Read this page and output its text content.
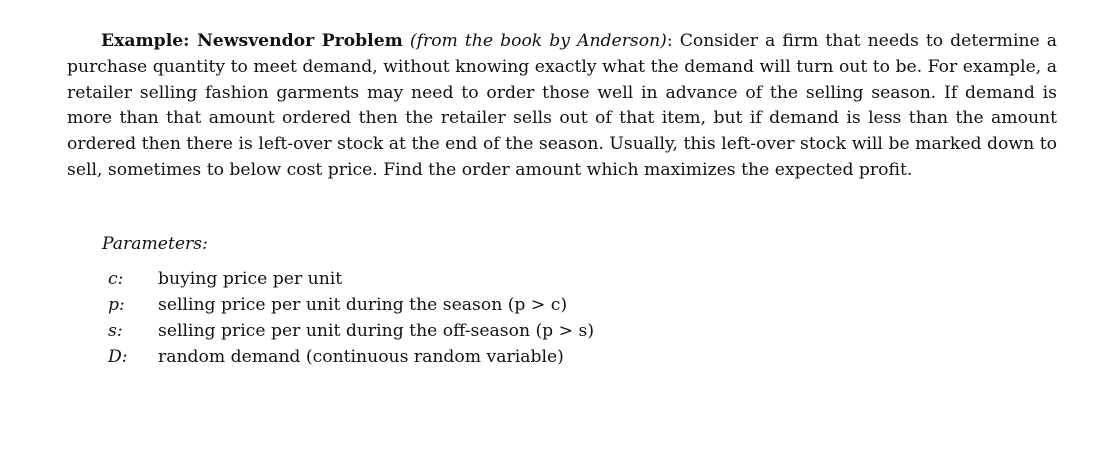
Example: Newsvendor Problem (from the book by Anderson): Consider a firm that needs to determine a purchase quantity to meet demand, without knowing exactly what the demand will turn out to be. For example, a retailer selling fashion garments may need to order those well in advance of the selling season. If demand is more than that amount ordered then the retailer sells out of that item, but if demand is less than the amount ordered then there is left-over stock at the end of the season. Usually, this left-over stock will be marked down to sell, sometimes to below cost price. Find the order amount which maximizes the expected profit.

Parameters:

c:	buying price per unit
p:	selling price per unit during the season (p > c)
s:	selling price per unit during the off-season (p > s)
D:	random demand (continuous random variable)
